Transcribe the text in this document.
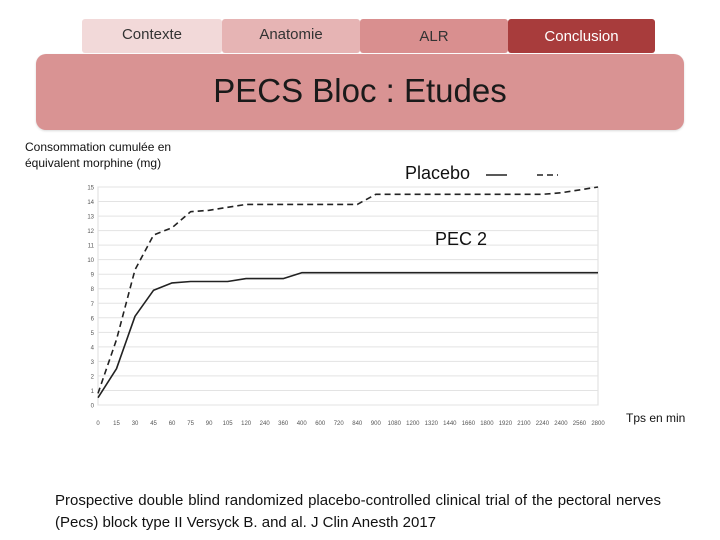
Contexte	Anatomie	ALR	Conclusion
PECS Bloc : Etudes
Consommation cumulée en équivalent morphine (mg)
0
1
2
3
4
5
6
7
8
9
10
11
12
13
14
15
0 15 30 45 60 75 90 105 120 240 360 400 600 720 840 900 1080 1200 1320 1440 1660 1800 1920 2100 2240 2400 2560 2800
Placebo
PEC 2
Tps en min
Prospective double blind randomized placebo-controlled clinical trial of the pectoral nerves (Pecs) block type II Versyck B. and al. J Clin Anesth 2017
